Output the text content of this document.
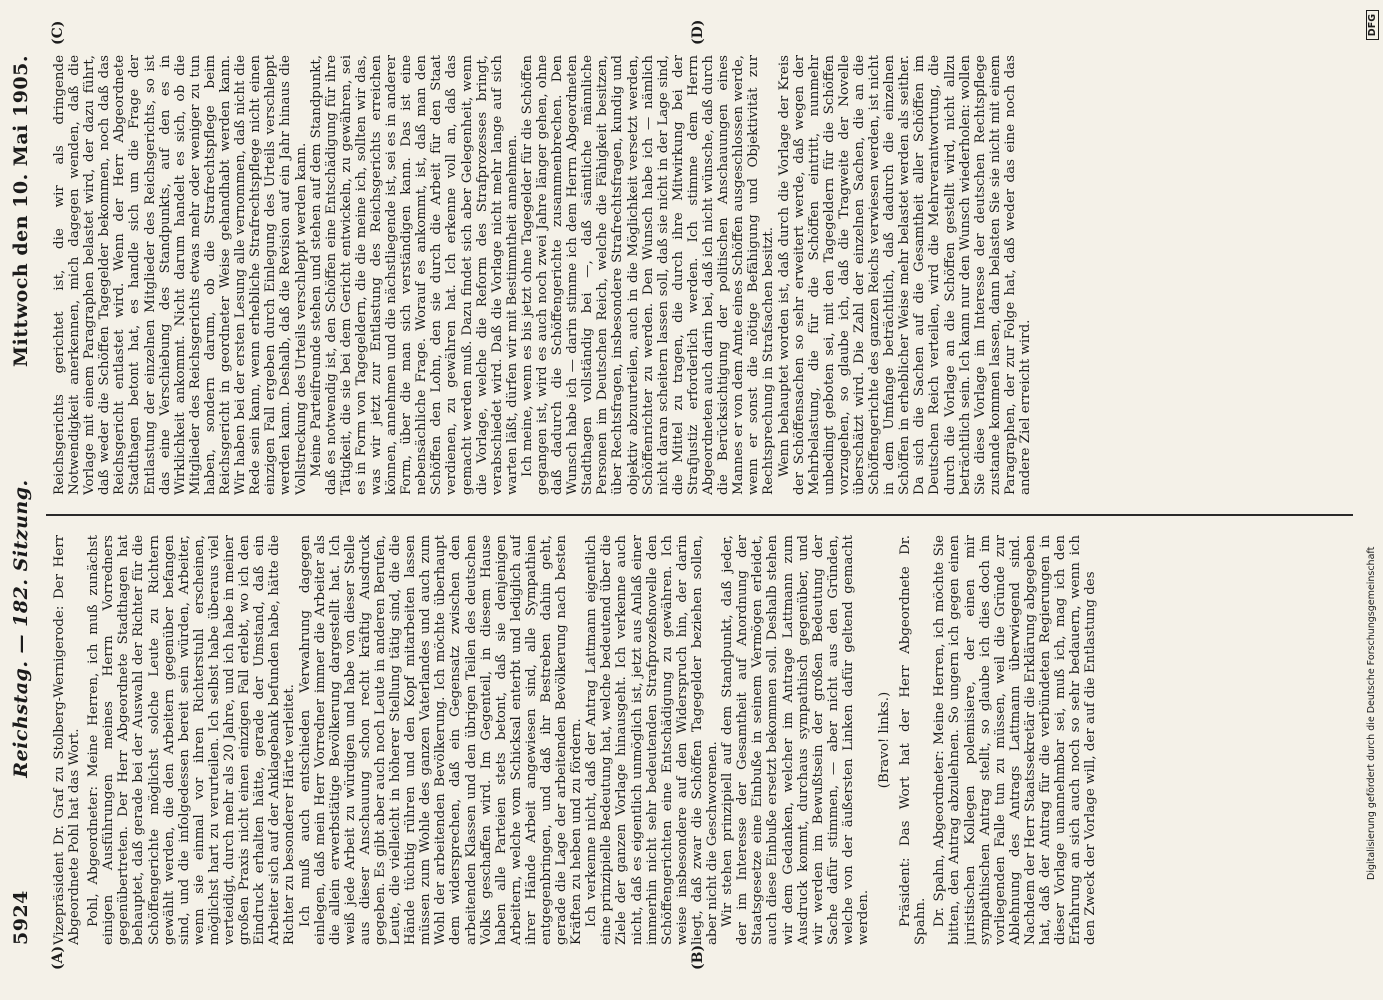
5924
Reichstag. — 182. Sitzung.
Mittwoch den 10. Mai 1905.
(A)	(B)
(C)	(D)

Vizepräsident Dr. Graf zu Stolberg-Wernigerode: Der Herr Abgeordnete Pohl hat das Wort. Pohl, Abgeordneter: Meine Herren, ich muß zunächst einigen Ausführungen meines Herrn Vorredners gegenübertreten. Der Herr Abgeordnete Stadthagen hat behauptet, daß gerade bei der Auswahl der Richter für die Schöffengerichte möglichst solche Leute zu Richtern gewählt werden, die den Arbeitern gegenüber befangen sind, und die infolgedessen bereit sein würden, Arbeiter, wenn sie einmal vor ihren Richterstuhl erscheinen, möglichst hart zu verurteilen. Ich selbst habe überaus viel verteidigt, durch mehr als 20 Jahre, und ich habe in meiner großen Praxis nicht einen einzigen Fall erlebt, wo ich den Eindruck erhalten hätte, gerade der Umstand, daß ein Arbeiter sich auf der Anklagebank befunden habe, hätte die Richter zu besonderer Härte verleitet. Ich muß auch entschieden Verwahrung dagegen einlegen, daß mein Herr Vorredner immer die Arbeiter als die allein erwerbstätige Bevölkerung dargestellt hat. Ich weiß jede Arbeit zu würdigen und habe von dieser Stelle aus dieser Anschauung schon recht kräftig Ausdruck gegeben. Es gibt aber auch noch Leute in anderen Berufen, Leute, die vielleicht in höherer Stellung tätig sind, die die Hände tüchtig rühren und den Kopf mitarbeiten lassen müssen zum Wohle des ganzen Vaterlandes und auch zum Wohl der arbeitenden Bevölkerung. Ich möchte überhaupt dem widersprechen, daß ein Gegensatz zwischen den arbeitenden Klassen und den übrigen Teilen des deutschen Volks geschaffen wird. Im Gegenteil, in diesem Hause haben alle Parteien stets betont, daß sie denjenigen Arbeitern, welche vom Schicksal enterbt und lediglich auf ihrer Hände Arbeit angewiesen sind, alle Sympathien entgegenbringen, und daß ihr Bestreben dahin geht, gerade die Lage der arbeitenden Bevölkerung nach besten Kräften zu heben und zu fördern. Ich verkenne nicht, daß der Antrag Lattmann eigentlich eine prinzipielle Bedeutung hat, welche bedeutend über die Ziele der ganzen Vorlage hinausgeht. Ich verkenne auch nicht, daß es eigentlich unmöglich ist, jetzt aus Anlaß einer immerhin nicht sehr bedeutenden Strafprozeßnovelle den Schöffengerichten eine Entschädigung zu gewähren. Ich weise insbesondere auf den Widerspruch hin, der darin liegt, daß zwar die Schöffen Tagegelder beziehen sollen, aber nicht die Geschworenen. Wir stehen prinzipiell auf dem Standpunkt, daß jeder, der im Interesse der Gesamtheit auf Anordnung der Staatsgesetze eine Einbuße in seinem Vermögen erleidet, auch diese Einbuße ersetzt bekommen soll. Deshalb stehen wir dem Gedanken, welcher im Antrage Lattmann zum Ausdruck kommt, durchaus sympathisch gegenüber, und wir werden im Bewußtsein der großen Bedeutung der Sache dafür stimmen, — aber nicht aus den Gründen, welche von der äußersten Linken dafür geltend gemacht werden.

(Bravo! links.) Präsident: Das Wort hat der Herr Abgeordnete Dr. Spahn. Dr. Spahn, Abgeordneter: Meine Herren, ich möchte Sie bitten, den Antrag abzulehnen. So ungern ich gegen einen juristischen Kollegen polemisiere, der einen mir sympathischen Antrag stellt, so glaube ich dies doch im vorliegenden Falle tun zu müssen, weil die Gründe zur Ablehnung des Antrags Lattmann überwiegend sind. Nachdem der Herr Staatssekretär die Erklärung abgegeben hat, daß der Antrag für die verbündeten Regierungen in dieser Vorlage unannehmbar sei, muß ich, mag ich den Erfahrung an sich auch noch so sehr bedauern, wenn ich den Zweck der Vorlage will, der auf die Entlastung des

Reichsgerichts gerichtet ist, die wir als dringende Notwendigkeit anerkennen, mich dagegen wenden, daß die Vorlage mit einem Paragraphen belastet wird, der dazu führt, daß weder die Schöffen Tagegelder bekommen, noch daß das Reichsgericht entlastet wird. Wenn der Herr Abgeordnete Stadthagen betont hat, es handle sich um die Frage der Entlastung der einzelnen Mitglieder des Reichsgerichts, so ist das eine Verschiebung des Standpunkts, auf den es in Wirklichkeit ankommt. Nicht darum handelt es sich, ob die Mitglieder des Reichsgerichts etwas mehr oder weniger zu tun haben, sondern darum, ob die Strafrechtspflege beim Reichsgericht in geordneter Weise gehandhabt werden kann. Wir haben bei der ersten Lesung alle vernommen, daß nicht die Rede sein kann, wenn erhebliche Strafrechtspflege nicht einen einzigen Fall ergeben durch Einlegung des Urteils verschleppt werden kann. Deshalb, daß die Revision auf ein Jahr hinaus die Vollstreckung des Urteils verschleppt werden kann. Meine Parteifreunde stehen und stehen auf dem Standpunkt, daß es notwendig ist, den Schöffen eine Entschädigung für ihre Tätigkeit, die sie bei dem Gericht entwickeln, zu gewähren, sei es in Form von Tagegeldern, die die meine ich, sollten wir das, was wir jetzt zur Entlastung des Reichsgerichts erreichen können, annehmen und die nächstliegende ist, sei es in anderer Form, über die man sich verständigen kann. Das ist eine nebensächliche Frage. Worauf es ankommt, ist, daß man den Schöffen den Lohn, den sie durch die Arbeit für den Staat verdienen, zu gewähren hat. Ich erkenne voll an, daß das gemacht werden muß. Dazu findet sich aber Gelegenheit, wenn die Vorlage, welche die Reform des Strafprozesses bringt, verabschiedet wird. Daß die Vorlage nicht mehr lange auf sich warten läßt, dürfen wir mit Bestimmtheit annehmen. Ich meine, wenn es bis jetzt ohne Tagegelder für die Schöffen gegangen ist, wird es auch noch zwei Jahre länger gehen, ohne daß dadurch die Schöffengerichte zusammenbrechen. Den Wunsch habe ich — darin stimme ich dem Herrn Abgeordneten Stadthagen vollständig bei —, daß sämtliche männliche Personen im Deutschen Reich, welche die Fähigkeit besitzen, über Rechtsfragen, insbesondere Strafrechtsfragen, kundig und objektiv abzuurteilen, auch in die Möglichkeit versetzt werden, Schöffenrichter zu werden. Den Wunsch habe ich — nämlich nicht daran scheitern lassen soll, daß sie nicht in der Lage sind, die Mittel zu tragen, die durch ihre Mitwirkung bei der Strafjustiz erforderlich werden. Ich stimme dem Herrn Abgeordneten auch darin bei, daß ich nicht wünsche, daß durch die Berücksichtigung der politischen Anschauungen eines Mannes er von dem Amte eines Schöffen ausgeschlossen werde, wenn er sonst die nötige Befähigung und Objektivität zur Rechtsprechung in Strafsachen besitzt. Wenn behauptet worden ist, daß durch die Vorlage der Kreis der Schöffensachen so sehr erweitert werde, daß wegen der Mehrbelastung, die für die Schöffen eintritt, nunmehr unbedingt geboten sei, mit den Tagegeldern für die Schöffen vorzugehen, so glaube ich, daß die Tragweite der Novelle überschätzt wird. Die Zahl der einzelnen Sachen, die an die Schöffengerichte des ganzen Reichs verwiesen werden, ist nicht in dem Umfange beträchtlich, daß dadurch die einzelnen Schöffen in erheblicher Weise mehr belastet werden als seither. Da sich die Sachen auf die Gesamtheit aller Schöffen im Deutschen Reich verteilen, wird die Mehrverantwortung, die durch die Vorlage an die Schöffen gestellt wird, nicht allzu beträchtlich sein. Ich kann nur den Wunsch wiederholen: wollen Sie diese Vorlage im Interesse der deutschen Rechtspflege zustande kommen lassen, dann belasten Sie sie nicht mit einem Paragraphen, der zur Folge hat, daß weder das eine noch das andere Ziel erreicht wird.

Digitalisierung gefördert durch die Deutsche Forschungsgemeinschaft
DFG
